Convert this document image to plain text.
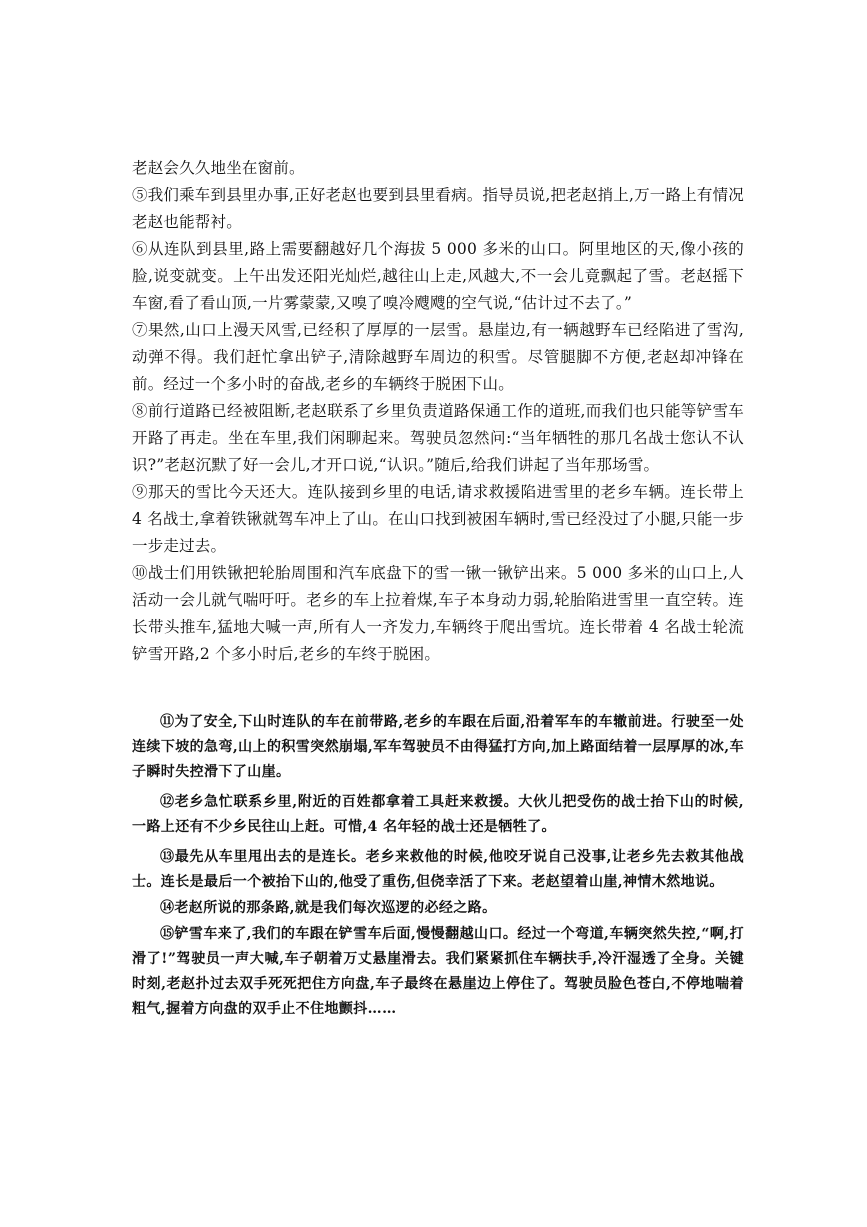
老赵会久久地坐在窗前。

⑤我们乘车到县里办事,正好老赵也要到县里看病。指导员说,把老赵捎上,万一路上有情况老赵也能帮衬。

⑥从连队到县里,路上需要翻越好几个海拔 5 000 多米的山口。阿里地区的天,像小孩的脸,说变就变。上午出发还阳光灿烂,越往山上走,风越大,不一会儿竟飘起了雪。老赵摇下车窗,看了看山顶,一片雾蒙蒙,又嗅了嗅冷飕飕的空气说,“估计过不去了。”

⑦果然,山口上漫天风雪,已经积了厚厚的一层雪。悬崖边,有一辆越野车已经陷进了雪沟,动弹不得。我们赶忙拿出铲子,清除越野车周边的积雪。尽管腿脚不方便,老赵却冲锋在前。经过一个多小时的奋战,老乡的车辆终于脱困下山。

⑧前行道路已经被阻断,老赵联系了乡里负责道路保通工作的道班,而我们也只能等铲雪车开路了再走。坐在车里,我们闲聊起来。驾驶员忽然问:“当年牺牲的那几名战士您认不认识?”老赵沉默了好一会儿,才开口说,“认识。”随后,给我们讲起了当年那场雪。

⑨那天的雪比今天还大。连队接到乡里的电话,请求救援陷进雪里的老乡车辆。连长带上 4 名战士,拿着铁锹就驾车冲上了山。在山口找到被困车辆时,雪已经没过了小腿,只能一步一步走过去。

⑩战士们用铁锹把轮胎周围和汽车底盘下的雪一锹一锹铲出来。5 000 多米的山口上,人活动一会儿就气喘吁吁。老乡的车上拉着煤,车子本身动力弱,轮胎陷进雪里一直空转。连长带头推车,猛地大喊一声,所有人一齐发力,车辆终于爬出雪坑。连长带着 4 名战士轮流铲雪开路,2 个多小时后,老乡的车终于脱困。

⑪为了安全,下山时连队的车在前带路,老乡的车跟在后面,沿着军车的车辙前进。行驶至一处连续下坡的急弯,山上的积雪突然崩塌,军车驾驶员不由得猛打方向,加上路面结着一层厚厚的冰,车子瞬时失控滑下了山崖。

⑫老乡急忙联系乡里,附近的百姓都拿着工具赶来救援。大伙儿把受伤的战士抬下山的时候,一路上还有不少乡民往山上赶。可惜,4 名年轻的战士还是牺牲了。

⑬最先从车里甩出去的是连长。老乡来救他的时候,他咬牙说自己没事,让老乡先去救其他战士。连长是最后一个被抬下山的,他受了重伤,但侥幸活了下来。老赵望着山崖,神情木然地说。

⑭老赵所说的那条路,就是我们每次巡逻的必经之路。

⑮铲雪车来了,我们的车跟在铲雪车后面,慢慢翻越山口。经过一个弯道,车辆突然失控,“啊,打滑了!”驾驶员一声大喊,车子朝着万丈悬崖滑去。我们紧紧抓住车辆扶手,冷汗湿透了全身。关键时刻,老赵扑过去双手死死把住方向盘,车子最终在悬崖边上停住了。驾驶员脸色苍白,不停地喘着粗气,握着方向盘的双手止不住地颤抖……
